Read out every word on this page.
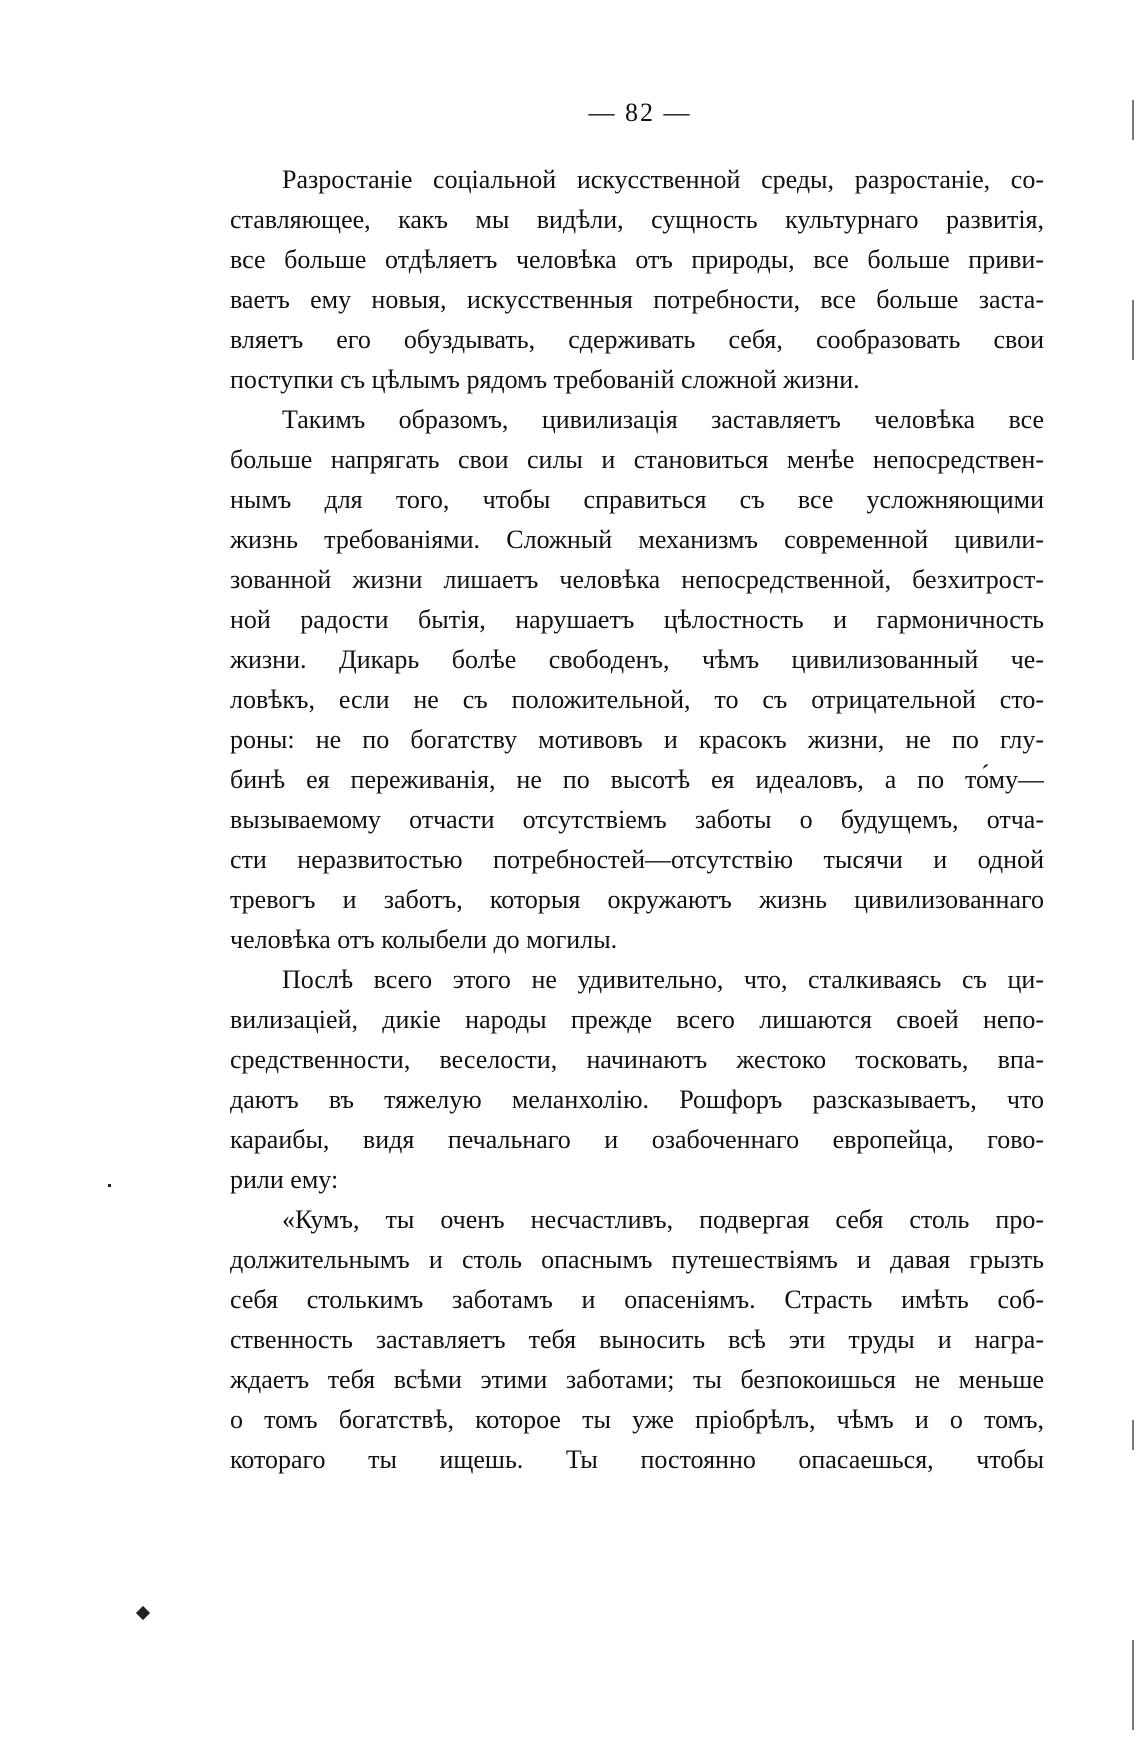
— 82 —
Разростаніе соціальной искусственной среды, разростаніе, со-
ставляющее, какъ мы видѣли, сущность культурнаго развитія,
все больше отдѣляетъ человѣка отъ природы, все больше приви-
ваетъ ему новыя, искусственныя потребности, все больше заста-
вляетъ его обуздывать, сдерживать себя, сообразовать свои
поступки съ цѣлымъ рядомъ требованій сложной жизни.
Такимъ образомъ, цивилизація заставляетъ человѣка все
больше напрягать свои силы и становиться менѣе непосредствен-
нымъ для того, чтобы справиться съ все усложняющими
жизнь требованіями. Сложный механизмъ современной цивили-
зованной жизни лишаетъ человѣка непосредственной, безхитрост-
ной радости бытія, нарушаетъ цѣлостность и гармоничность
жизни. Дикарь болѣе свободенъ, чѣмъ цивилизованный че-
ловѣкъ, если не съ положительной, то съ отрицательной сто-
роны: не по богатству мотивовъ и красокъ жизни, не по глу-
бинѣ ея переживанія, не по высотѣ ея идеаловъ, а по то́му—
вызываемому отчасти отсутствіемъ заботы о будущемъ, отча-
сти неразвитостью потребностей—отсутствію тысячи и одной
тревогъ и заботъ, которыя окружаютъ жизнь цивилизованнаго
человѣка отъ колыбели до могилы.
Послѣ всего этого не удивительно, что, сталкиваясь съ ци-
вилизаціей, дикіе народы прежде всего лишаются своей непо-
средственности, веселости, начинаютъ жестоко тосковать, впа-
даютъ въ тяжелую меланхолію. Рошфоръ разсказываетъ, что
караибы, видя печальнаго и озабоченнаго европейца, гово-
рили ему:
«Кумъ, ты оченъ несчастливъ, подвергая себя столь про-
должительнымъ и столь опаснымъ путешествіямъ и давая грызть
себя столькимъ заботамъ и опасеніямъ. Страсть имѣть соб-
ственность заставляетъ тебя выносить всѣ эти труды и награ-
ждаетъ тебя всѣми этими заботами; ты безпокоишься не меньше
о томъ богатствѣ, которое ты уже пріобрѣлъ, чѣмъ и о томъ,
котораго ты ищешь. Ты постоянно опасаешься, чтобы
